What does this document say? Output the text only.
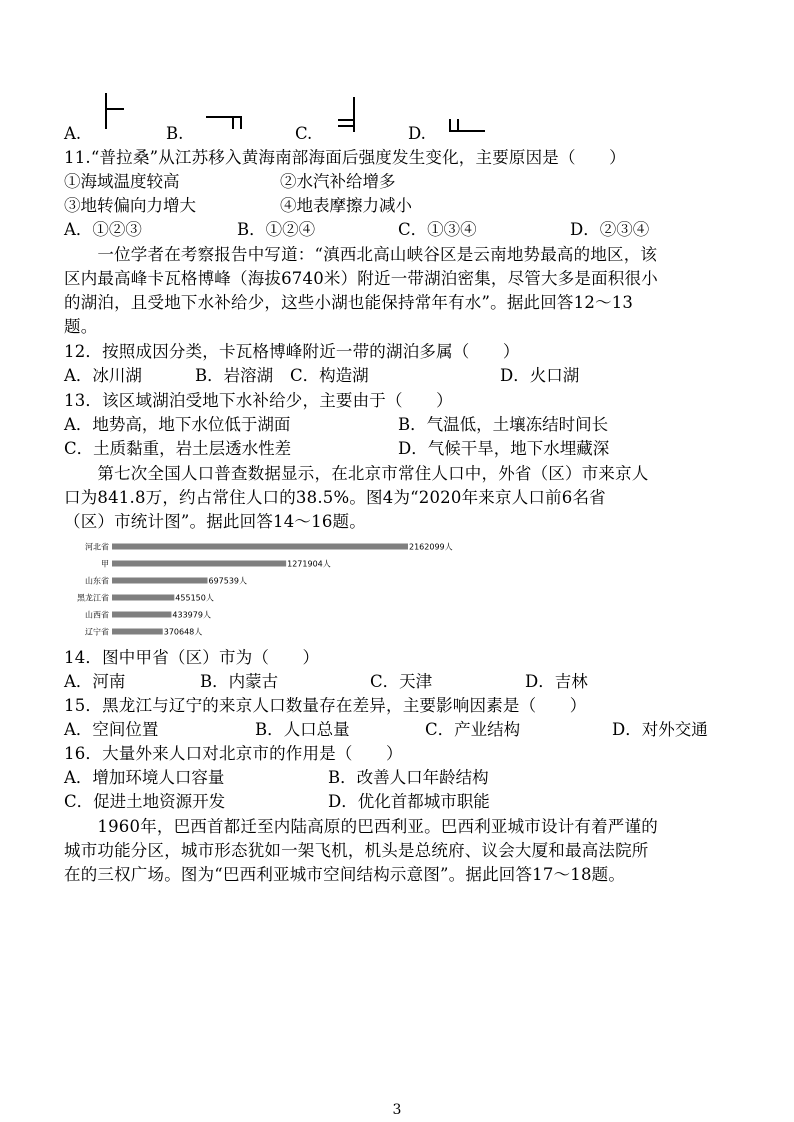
A.	B.	C.	D.
11.“普拉桑”从江苏移入黄海南部海面后强度发生变化，主要原因是（　　）
①海域温度较高	②水汽补给增多
③地转偏向力增大	④地表摩擦力减小
A．①②③	B．①②④	C．①③④	D．②③④
　　一位学者在考察报告中写道：“滇西北高山峡谷区是云南地势最高的地区，该
区内最高峰卡瓦格博峰（海拔6740米）附近一带湖泊密集，尽管大多是面积很小
的湖泊，且受地下水补给少，这些小湖也能保持常年有水”。据此回答12～13
题。
12．按照成因分类，卡瓦格博峰附近一带的湖泊多属（　　）
A．冰川湖	B．岩溶湖 C．构造湖	D．火口湖
13．该区域湖泊受地下水补给少，主要由于（　　）
A．地势高，地下水位低于湖面	B．气温低，土壤冻结时间长
C．土质黏重，岩土层透水性差	D．气候干旱，地下水埋藏深
　　第七次全国人口普查数据显示，在北京市常住人口中，外省（区）市来京人
口为841.8万，约占常住人口的38.5%。图4为“2020年来京人口前6名省
（区）市统计图”。据此回答14～16题。
河北省	2162099人
甲	1271904人
山东省	697539人
黑龙江省	455150人
山西省	433979人
辽宁省	370648人
14．图中甲省（区）市为（　　）
A．河南	B．内蒙古	C．天津	D．吉林
15．黑龙江与辽宁的来京人口数量存在差异，主要影响因素是（　　）
A．空间位置	B．人口总量	C．产业结构	D．对外交通
16．大量外来人口对北京市的作用是（　　）
A．增加环境人口容量	B．改善人口年龄结构
C．促进土地资源开发	D．优化首都城市职能
　　1960年，巴西首都迁至内陆高原的巴西利亚。巴西利亚城市设计有着严谨的
城市功能分区，城市形态犹如一架飞机，机头是总统府、议会大厦和最高法院所
在的三权广场。图为“巴西利亚城市空间结构示意图”。据此回答17～18题。
3
